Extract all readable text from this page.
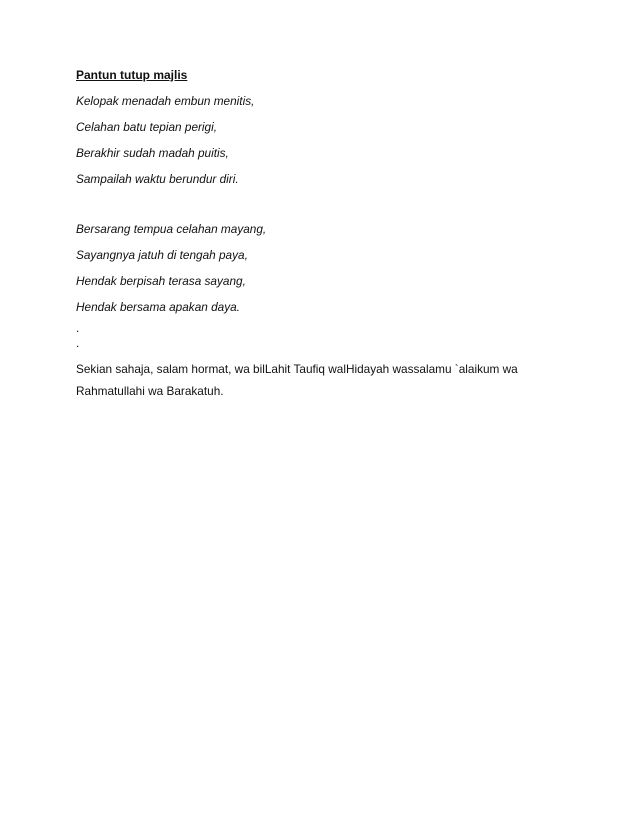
Pantun tutup majlis
Kelopak menadah embun menitis,
Celahan batu tepian perigi,
Berakhir sudah madah puitis,
Sampailah waktu berundur diri.
Bersarang tempua celahan mayang,
Sayangnya jatuh di tengah paya,
Hendak berpisah terasa sayang,
Hendak bersama apakan daya.
.
.
Sekian sahaja, salam hormat, wa bilLahit Taufiq walHidayah wassalamu `alaikum wa
Rahmatullahi wa Barakatuh.
